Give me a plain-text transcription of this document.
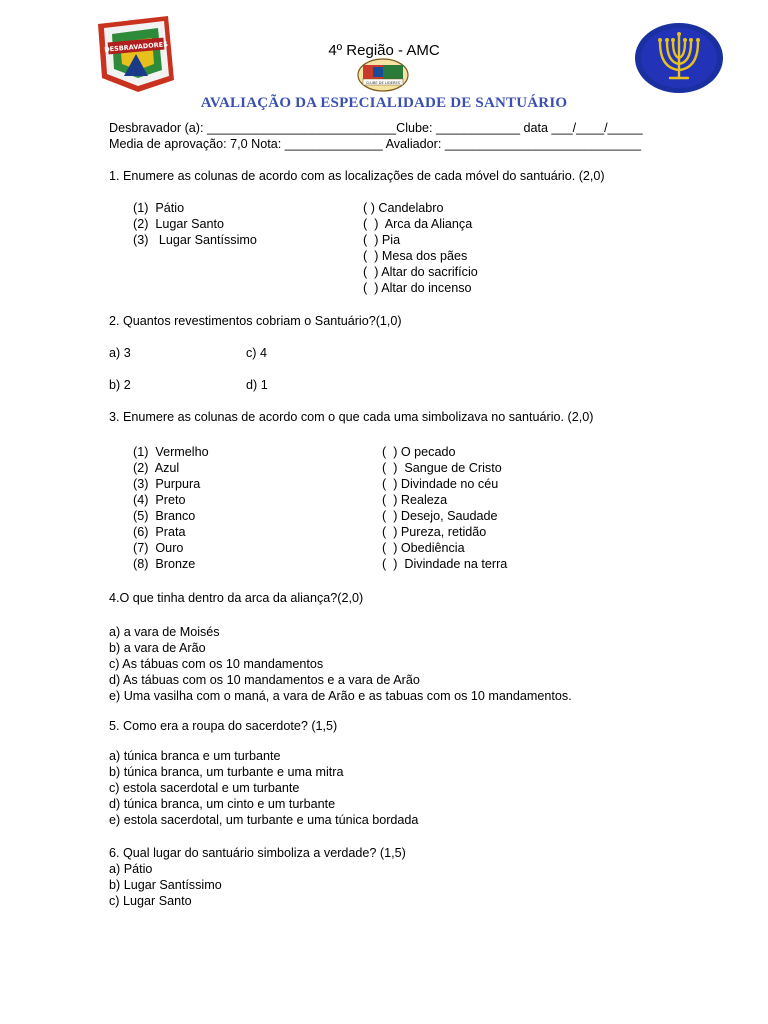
DESBRAVADORES
CLUBE DE LIDERES
4º Região - AMC
AVALIAÇÃO DA ESPECIALIDADE DE SANTUÁRIO
Desbravador (a): ___________________________Clube: ____________ data ___/____/_____
Media de aprovação: 7,0 Nota: ______________ Avaliador: ____________________________
1. Enumere as colunas de acordo com as localizações de cada móvel do santuário. (2,0)
(1)  Pátio
(2)  Lugar Santo
(3)   Lugar Santíssimo
( ) Candelabro
(  )  Arca da Aliança
(  ) Pia
(  ) Mesa dos pães
(  ) Altar do sacrifício
(  ) Altar do incenso
2. Quantos revestimentos cobriam o Santuário?(1,0)
a) 3	c) 4
b) 2	d) 1
3. Enumere as colunas de acordo com o que cada uma simbolizava no santuário. (2,0)
(1)  Vermelho
(2)  Azul
(3)  Purpura
(4)  Preto
(5)  Branco
(6)  Prata
(7)  Ouro
(8)  Bronze
(  ) O pecado
(  )  Sangue de Cristo
(  ) Divindade no céu
(  ) Realeza
(  ) Desejo, Saudade
(  ) Pureza, retidão
(  ) Obediência
(  )  Divindade na terra
4.O que tinha dentro da arca da aliança?(2,0)
a) a vara de Moisés
b) a vara de Arão
c) As tábuas com os 10 mandamentos
d) As tábuas com os 10 mandamentos e a vara de Arão
e) Uma vasilha com o maná, a vara de Arão e as tabuas com os 10 mandamentos.
5. Como era a roupa do sacerdote? (1,5)
a) túnica branca e um turbante
b) túnica branca, um turbante e uma mitra
c) estola sacerdotal e um turbante
d) túnica branca, um cinto e um turbante
e) estola sacerdotal, um turbante e uma túnica bordada
6. Qual lugar do santuário simboliza a verdade? (1,5)
a) Pátio
b) Lugar Santíssimo
c) Lugar Santo
